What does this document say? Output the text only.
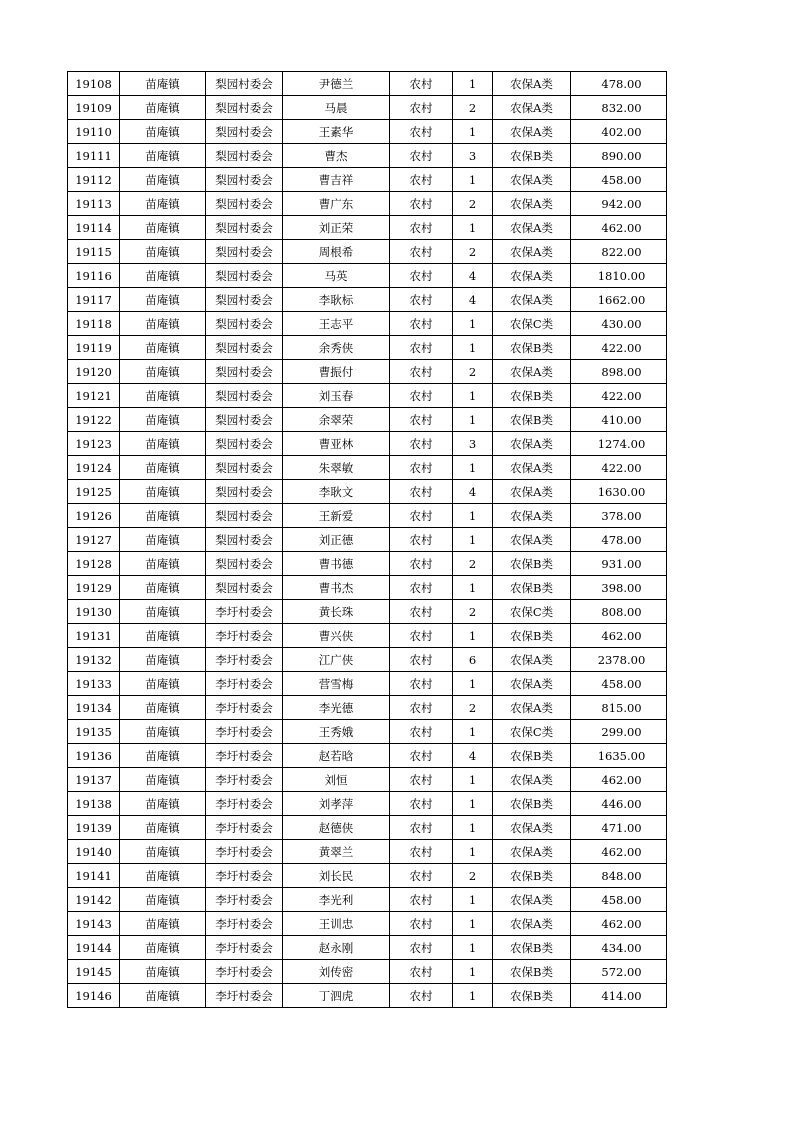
19108	苗庵镇	梨园村委会	尹德兰	农村	1	农保A类	478.00
19109	苗庵镇	梨园村委会	马晨	农村	2	农保A类	832.00
19110	苗庵镇	梨园村委会	王素华	农村	1	农保A类	402.00
19111	苗庵镇	梨园村委会	曹杰	农村	3	农保B类	890.00
19112	苗庵镇	梨园村委会	曹吉祥	农村	1	农保A类	458.00
19113	苗庵镇	梨园村委会	曹广东	农村	2	农保A类	942.00
19114	苗庵镇	梨园村委会	刘正荣	农村	1	农保A类	462.00
19115	苗庵镇	梨园村委会	周根希	农村	2	农保A类	822.00
19116	苗庵镇	梨园村委会	马英	农村	4	农保A类	1810.00
19117	苗庵镇	梨园村委会	李耿标	农村	4	农保A类	1662.00
19118	苗庵镇	梨园村委会	王志平	农村	1	农保C类	430.00
19119	苗庵镇	梨园村委会	余秀侠	农村	1	农保B类	422.00
19120	苗庵镇	梨园村委会	曹振付	农村	2	农保A类	898.00
19121	苗庵镇	梨园村委会	刘玉春	农村	1	农保B类	422.00
19122	苗庵镇	梨园村委会	余翠荣	农村	1	农保B类	410.00
19123	苗庵镇	梨园村委会	曹亚林	农村	3	农保A类	1274.00
19124	苗庵镇	梨园村委会	朱翠敏	农村	1	农保A类	422.00
19125	苗庵镇	梨园村委会	李耿文	农村	4	农保A类	1630.00
19126	苗庵镇	梨园村委会	王新爱	农村	1	农保A类	378.00
19127	苗庵镇	梨园村委会	刘正德	农村	1	农保A类	478.00
19128	苗庵镇	梨园村委会	曹书德	农村	2	农保B类	931.00
19129	苗庵镇	梨园村委会	曹书杰	农村	1	农保B类	398.00
19130	苗庵镇	李圩村委会	黄长珠	农村	2	农保C类	808.00
19131	苗庵镇	李圩村委会	曹兴侠	农村	1	农保B类	462.00
19132	苗庵镇	李圩村委会	江广侠	农村	6	农保A类	2378.00
19133	苗庵镇	李圩村委会	营雪梅	农村	1	农保A类	458.00
19134	苗庵镇	李圩村委会	李光德	农村	2	农保A类	815.00
19135	苗庵镇	李圩村委会	王秀娥	农村	1	农保C类	299.00
19136	苗庵镇	李圩村委会	赵若晗	农村	4	农保B类	1635.00
19137	苗庵镇	李圩村委会	刘恒	农村	1	农保A类	462.00
19138	苗庵镇	李圩村委会	刘孝萍	农村	1	农保B类	446.00
19139	苗庵镇	李圩村委会	赵德侠	农村	1	农保A类	471.00
19140	苗庵镇	李圩村委会	黄翠兰	农村	1	农保A类	462.00
19141	苗庵镇	李圩村委会	刘长民	农村	2	农保B类	848.00
19142	苗庵镇	李圩村委会	李光利	农村	1	农保A类	458.00
19143	苗庵镇	李圩村委会	王训忠	农村	1	农保A类	462.00
19144	苗庵镇	李圩村委会	赵永刚	农村	1	农保B类	434.00
19145	苗庵镇	李圩村委会	刘传密	农村	1	农保B类	572.00
19146	苗庵镇	李圩村委会	丁泗虎	农村	1	农保B类	414.00
